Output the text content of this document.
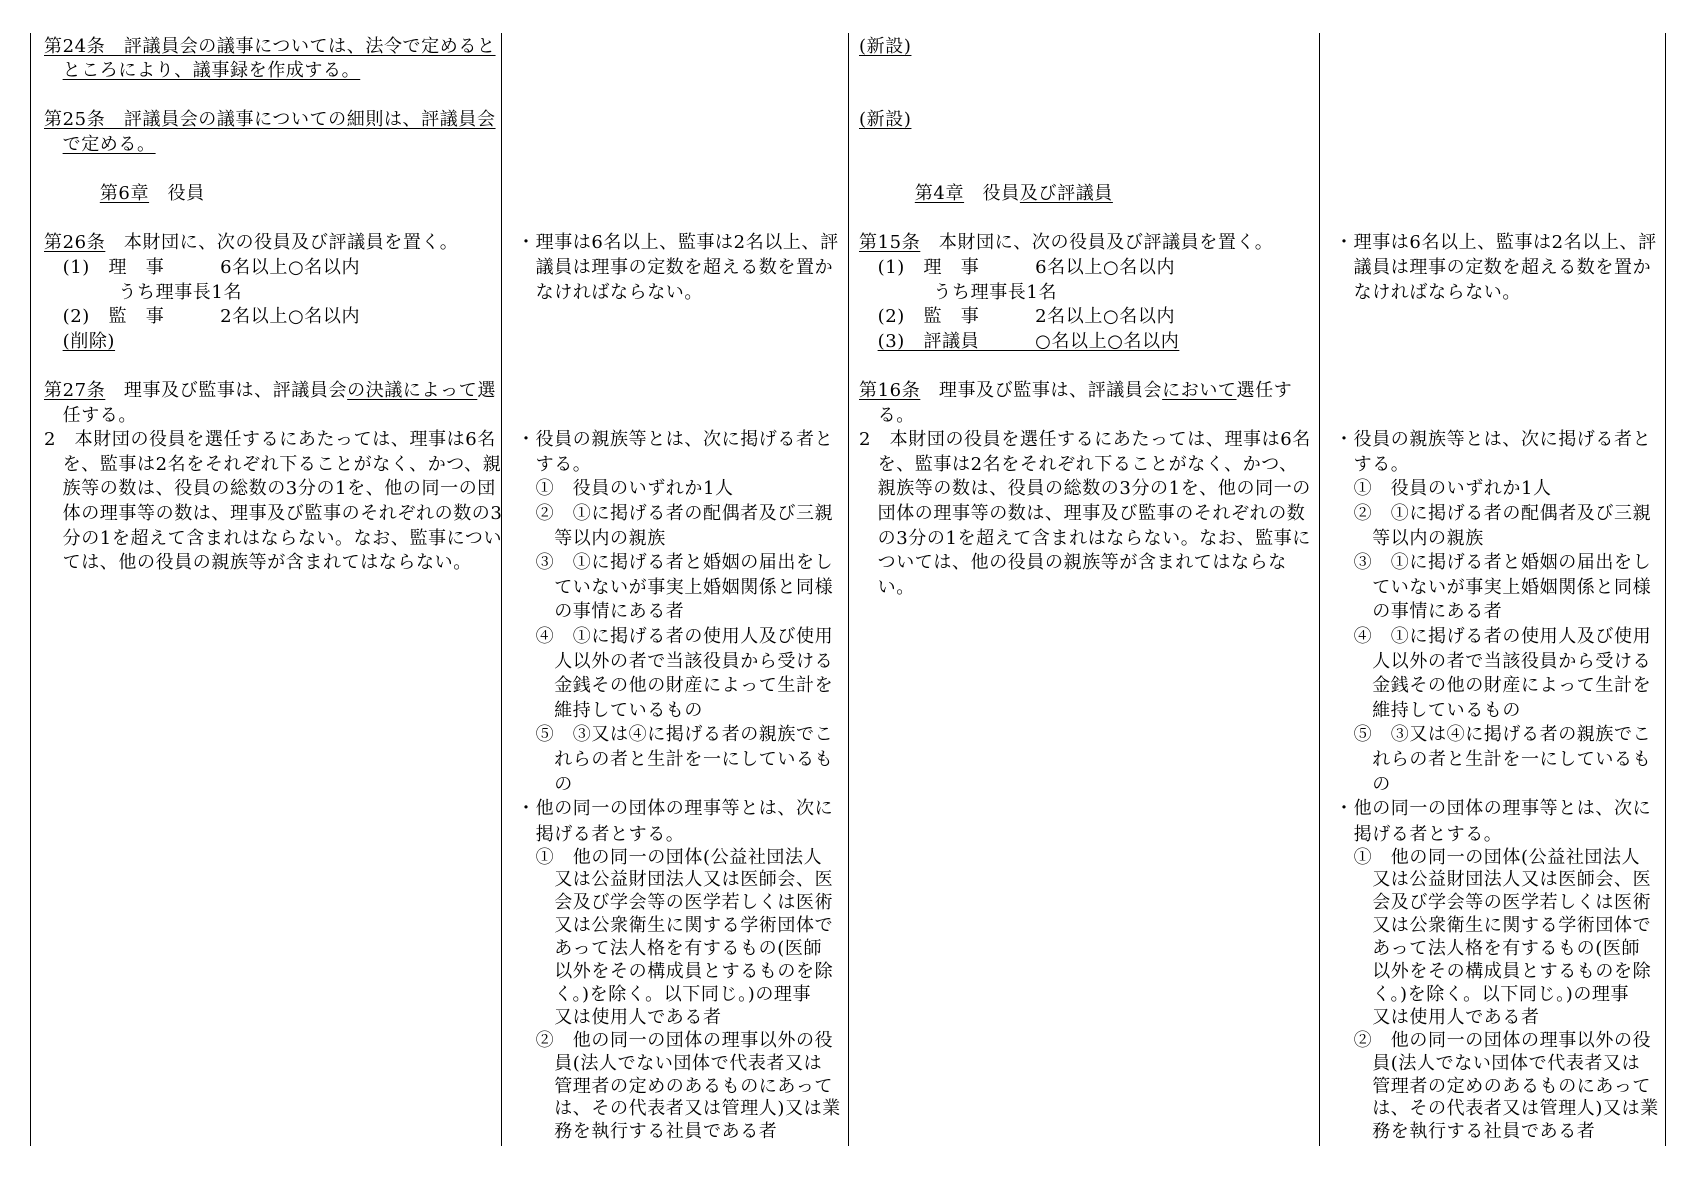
第24条　評議員会の議事については、法令で定めると
　ところにより、議事録を作成する。
第25条　評議員会の議事についての細則は、評議員会
　で定める。
　　　第6章　役員
第26条　本財団に、次の役員及び評議員を置く。
　(1)　理　事　　　6名以上○名以内
　　　　うち理事長1名
　(2)　監　事　　　2名以上○名以内
　(削除)
第27条　理事及び監事は、評議員会の決議によって選
　任する。
2　本財団の役員を選任するにあたっては、理事は6名
　を、監事は2名をそれぞれ下ることがなく、かつ、親
　族等の数は、役員の総数の3分の1を、他の同一の団
　体の理事等の数は、理事及び監事のそれぞれの数の3
　分の1を超えて含まれはならない。なお、監事につい
　ては、他の役員の親族等が含まれてはならない。
・理事は6名以上、監事は2名以上、評
　議員は理事の定数を超える数を置か
　なければならない。
・役員の親族等とは、次に掲げる者と
　する。
　①　役員のいずれか1人
　②　①に掲げる者の配偶者及び三親
　　等以内の親族
　③　①に掲げる者と婚姻の届出をし
　　ていないが事実上婚姻関係と同様
　　の事情にある者
　④　①に掲げる者の使用人及び使用
　　人以外の者で当該役員から受ける
　　金銭その他の財産によって生計を
　　維持しているもの
　⑤　③又は④に掲げる者の親族でこ
　　れらの者と生計を一にしているも
　　の
・他の同一の団体の理事等とは、次に
　掲げる者とする。
　①　他の同一の団体(公益社団法人
　　又は公益財団法人又は医師会、医
　　会及び学会等の医学若しくは医術
　　又は公衆衛生に関する学術団体で
　　あって法人格を有するもの(医師
　　以外をその構成員とするものを除
　　く。)を除く。以下同じ。)の理事
　　又は使用人である者
　②　他の同一の団体の理事以外の役
　　員(法人でない団体で代表者又は
　　管理者の定めのあるものにあって
　　は、その代表者又は管理人)又は業
　　務を執行する社員である者
(新設)
(新設)
　　　第4章　役員及び評議員
第15条　本財団に、次の役員及び評議員を置く。
　(1)　理　事　　　6名以上○名以内
　　　　うち理事長1名
　(2)　監　事　　　2名以上○名以内
　(3)　評議員　　　○名以上○名以内
第16条　理事及び監事は、評議員会において選任す
　る。
2　本財団の役員を選任するにあたっては、理事は6名
　を、監事は2名をそれぞれ下ることがなく、かつ、
　親族等の数は、役員の総数の3分の1を、他の同一の
　団体の理事等の数は、理事及び監事のそれぞれの数
　の3分の1を超えて含まれはならない。なお、監事に
　ついては、他の役員の親族等が含まれてはならな
　い。
・理事は6名以上、監事は2名以上、評
　議員は理事の定数を超える数を置か
　なければならない。
・役員の親族等とは、次に掲げる者と
　する。
　①　役員のいずれか1人
　②　①に掲げる者の配偶者及び三親
　　等以内の親族
　③　①に掲げる者と婚姻の届出をし
　　ていないが事実上婚姻関係と同様
　　の事情にある者
　④　①に掲げる者の使用人及び使用
　　人以外の者で当該役員から受ける
　　金銭その他の財産によって生計を
　　維持しているもの
　⑤　③又は④に掲げる者の親族でこ
　　れらの者と生計を一にしているも
　　の
・他の同一の団体の理事等とは、次に
　掲げる者とする。
　①　他の同一の団体(公益社団法人
　　又は公益財団法人又は医師会、医
　　会及び学会等の医学若しくは医術
　　又は公衆衛生に関する学術団体で
　　あって法人格を有するもの(医師
　　以外をその構成員とするものを除
　　く。)を除く。以下同じ。)の理事
　　又は使用人である者
　②　他の同一の団体の理事以外の役
　　員(法人でない団体で代表者又は
　　管理者の定めのあるものにあって
　　は、その代表者又は管理人)又は業
　　務を執行する社員である者
